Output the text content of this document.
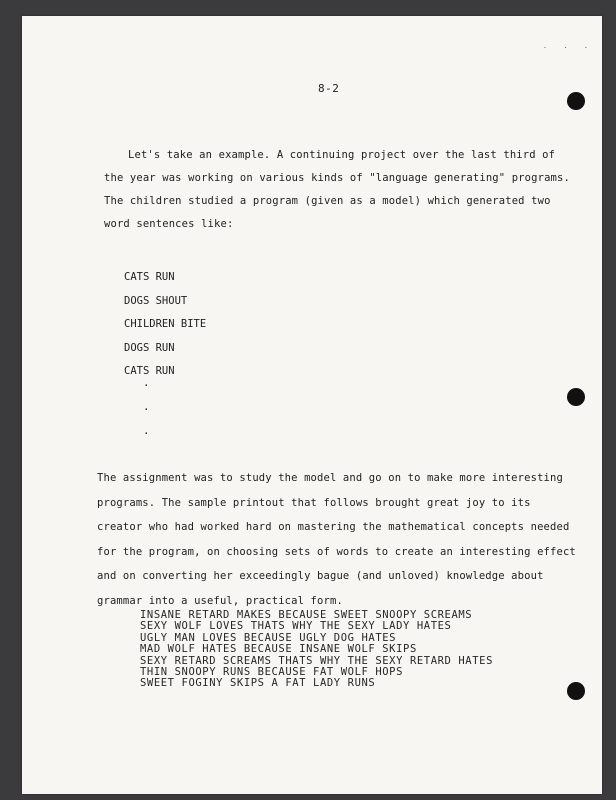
. . .
8-2

Let's take an example. A continuing project over the last third of
the year was working on various kinds of "language generating" programs.
The children studied a program (given as a model) which generated two
word sentences like:

CATS RUN
DOGS SHOUT
CHILDREN BITE
DOGS RUN
CATS RUN
.
.
.

The assignment was to study the model and go on to make more interesting
programs. The sample printout that follows brought great joy to its
creator who had worked hard on mastering the mathematical concepts needed
for the program, on choosing sets of words to create an interesting effect
and on converting her exceedingly bague (and unloved) knowledge about
grammar into a useful, practical form.

INSANE RETARD MAKES BECAUSE SWEET SNOOPY SCREAMS
SEXY WOLF LOVES THATS WHY THE SEXY LADY HATES
UGLY MAN LOVES BECAUSE UGLY DOG HATES
MAD WOLF HATES BECAUSE INSANE WOLF SKIPS
SEXY RETARD SCREAMS THATS WHY THE SEXY RETARD HATES
THIN SNOOPY RUNS BECAUSE FAT WOLF HOPS
SWEET FOGINY SKIPS A FAT LADY RUNS
